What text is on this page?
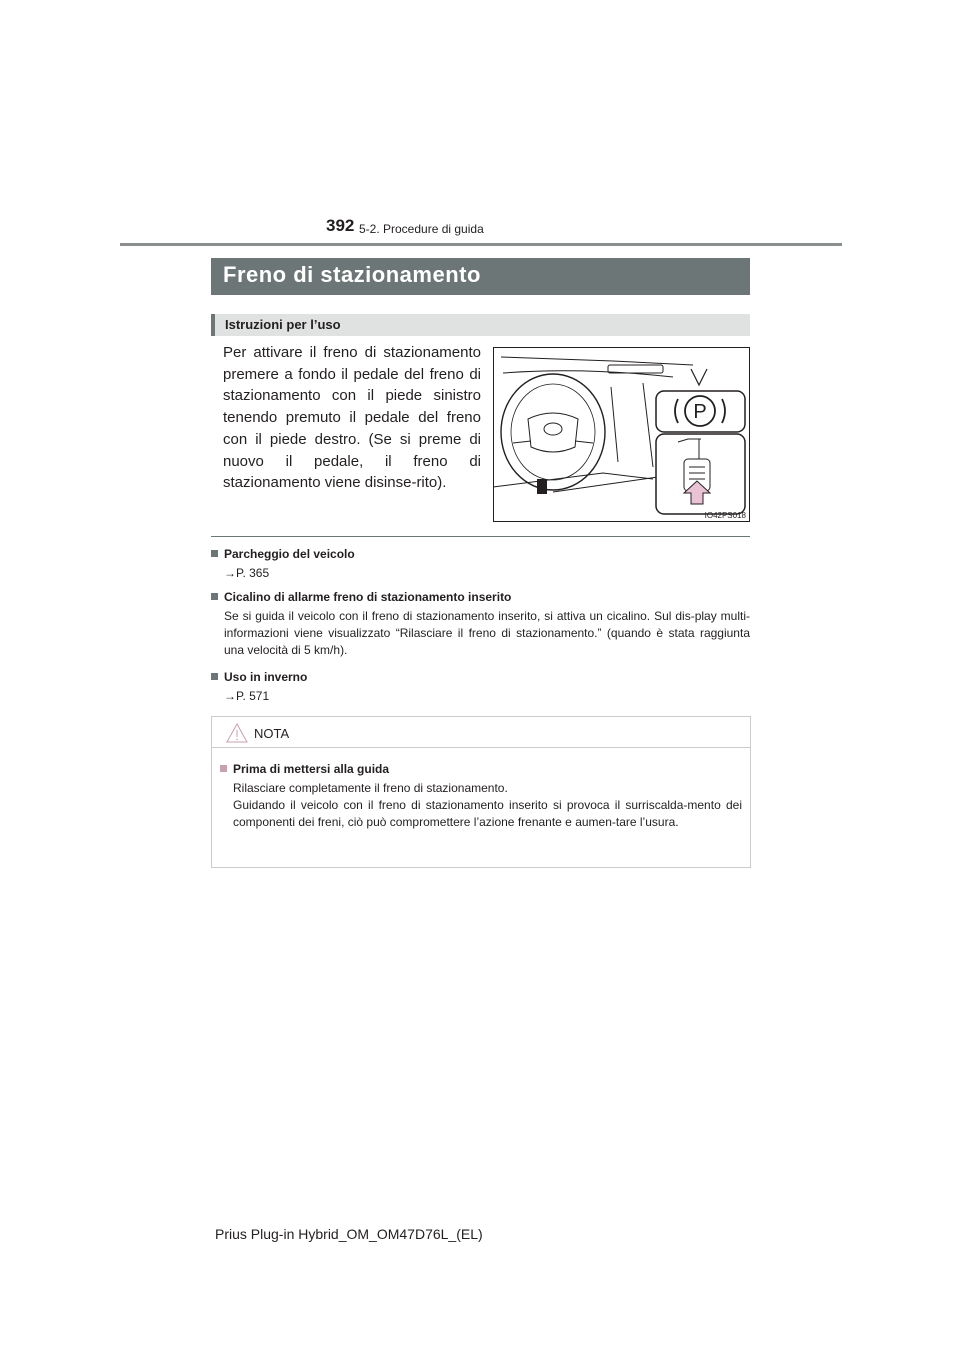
392 5-2. Procedure di guida
Freno di stazionamento
Istruzioni per l’uso
Per attivare il freno di stazionamento premere a fondo il pedale del freno di stazionamento con il piede sinistro tenendo premuto il pedale del freno con il piede destro. (Se si preme di nuovo il pedale, il freno di stazionamento viene disinse-rito).
P
IO42PS018
Parcheggio del veicolo
→P. 365
Cicalino di allarme freno di stazionamento inserito
Se si guida il veicolo con il freno di stazionamento inserito, si attiva un cicalino. Sul dis-play multi-informazioni viene visualizzato “Rilasciare il freno di stazionamento.” (quando è stata raggiunta una velocità di 5 km/h).
Uso in inverno
→P. 571
NOTA
Prima di mettersi alla guida
Rilasciare completamente il freno di stazionamento.
Guidando il veicolo con il freno di stazionamento inserito si provoca il surriscalda-mento dei componenti dei freni, ciò può compromettere l’azione frenante e aumen-tare l’usura.
Prius Plug-in Hybrid_OM_OM47D76L_(EL)
